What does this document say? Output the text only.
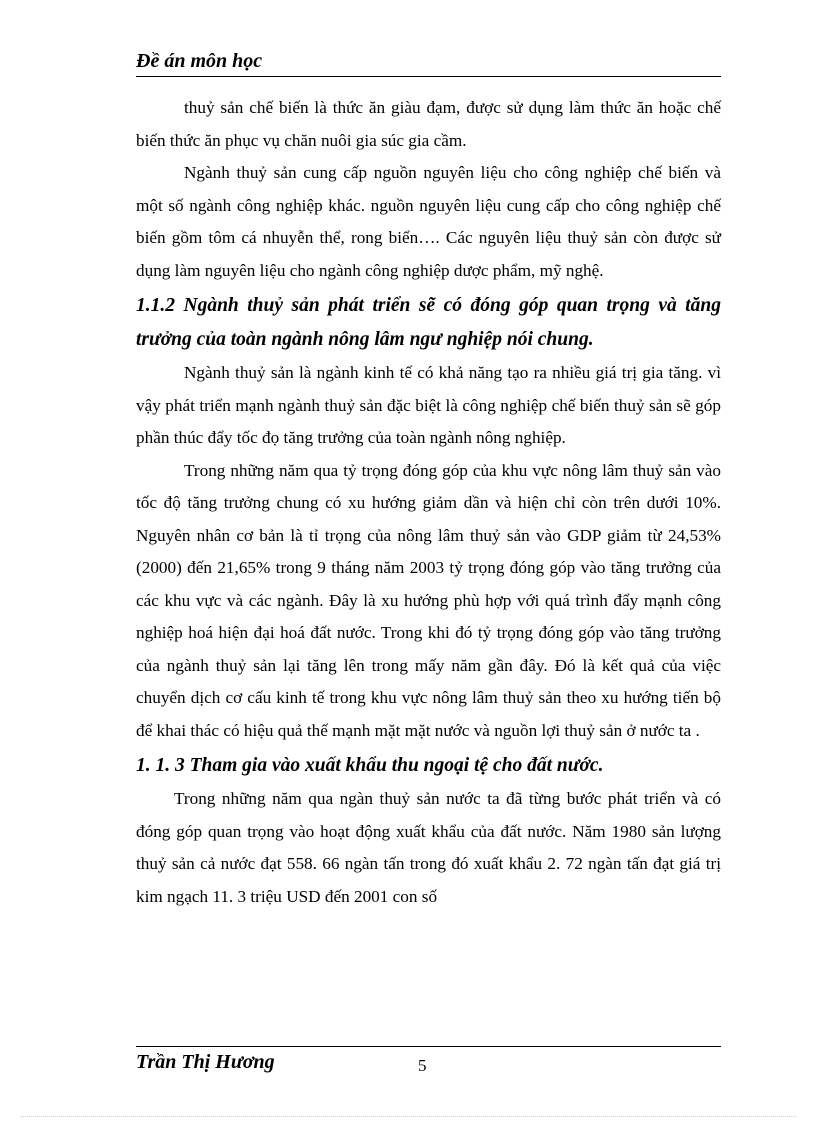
Đề án môn học

thuỷ sản chế biến là thức ăn giàu đạm, được sử dụng làm thức ăn hoặc chế biến thức ăn phục vụ chăn nuôi gia súc gia cầm.

Ngành thuỷ sản cung cấp nguồn nguyên liệu cho công nghiệp chế biến và một số ngành công nghiệp khác. nguồn nguyên liệu cung cấp cho công nghiệp chế biến gồm tôm cá nhuyễn thể, rong biển…. Các nguyên liệu thuỷ sản còn được sử dụng làm nguyên liệu cho ngành công nghiệp dược phẩm, mỹ nghệ.

1.1.2 Ngành thuỷ sản phát triển sẽ có đóng góp quan trọng và tăng trưởng của toàn ngành nông lâm ngư nghiệp nói chung.

Ngành thuỷ sản là ngành kinh tế có khả năng tạo ra nhiều giá trị gia tăng. vì vậy phát triển mạnh ngành thuỷ sản đặc biệt là công nghiệp chế biến thuỷ sản sẽ góp phần thúc đẩy tốc đọ tăng trưởng của toàn ngành nông nghiệp.

Trong những năm qua tỷ trọng đóng góp của khu vực nông lâm thuỷ sản vào tốc độ tăng trưởng chung có xu hướng giảm dần và hiện chỉ còn trên dưới 10%. Nguyên nhân cơ bản là tỉ trọng của nông lâm thuỷ sản vào GDP giảm từ 24,53%(2000) đến 21,65% trong 9 tháng năm 2003 tỷ trọng đóng góp vào tăng trưởng của các khu vực và các ngành. Đây là xu hướng phù hợp với quá trình đẩy mạnh công nghiệp hoá hiện đại hoá đất nước. Trong khi đó tỷ trọng đóng góp vào tăng trưởng của ngành thuỷ sản lại tăng lên trong mấy năm gần đây. Đó là kết quả của việc chuyển dịch cơ cấu kinh tế trong khu vực nông lâm thuỷ sản theo xu hướng tiến bộ để khai thác có hiệu quả thế mạnh mặt mặt nước và nguồn lợi thuỷ sản ở nước ta .

1. 1. 3 Tham gia vào xuất khẩu thu ngoại tệ cho đất nước.

Trong những năm qua ngàn thuỷ sản nước ta đã từng bước phát triển và có đóng góp quan trọng vào hoạt động xuất khẩu của đất nước. Năm 1980 sản lượng thuỷ sản cả nước đạt 558. 66 ngàn tấn trong đó xuất khẩu 2. 72 ngàn tấn đạt giá trị kim ngạch 11. 3 triệu USD đến 2001 con số

Trần Thị Hương	5
